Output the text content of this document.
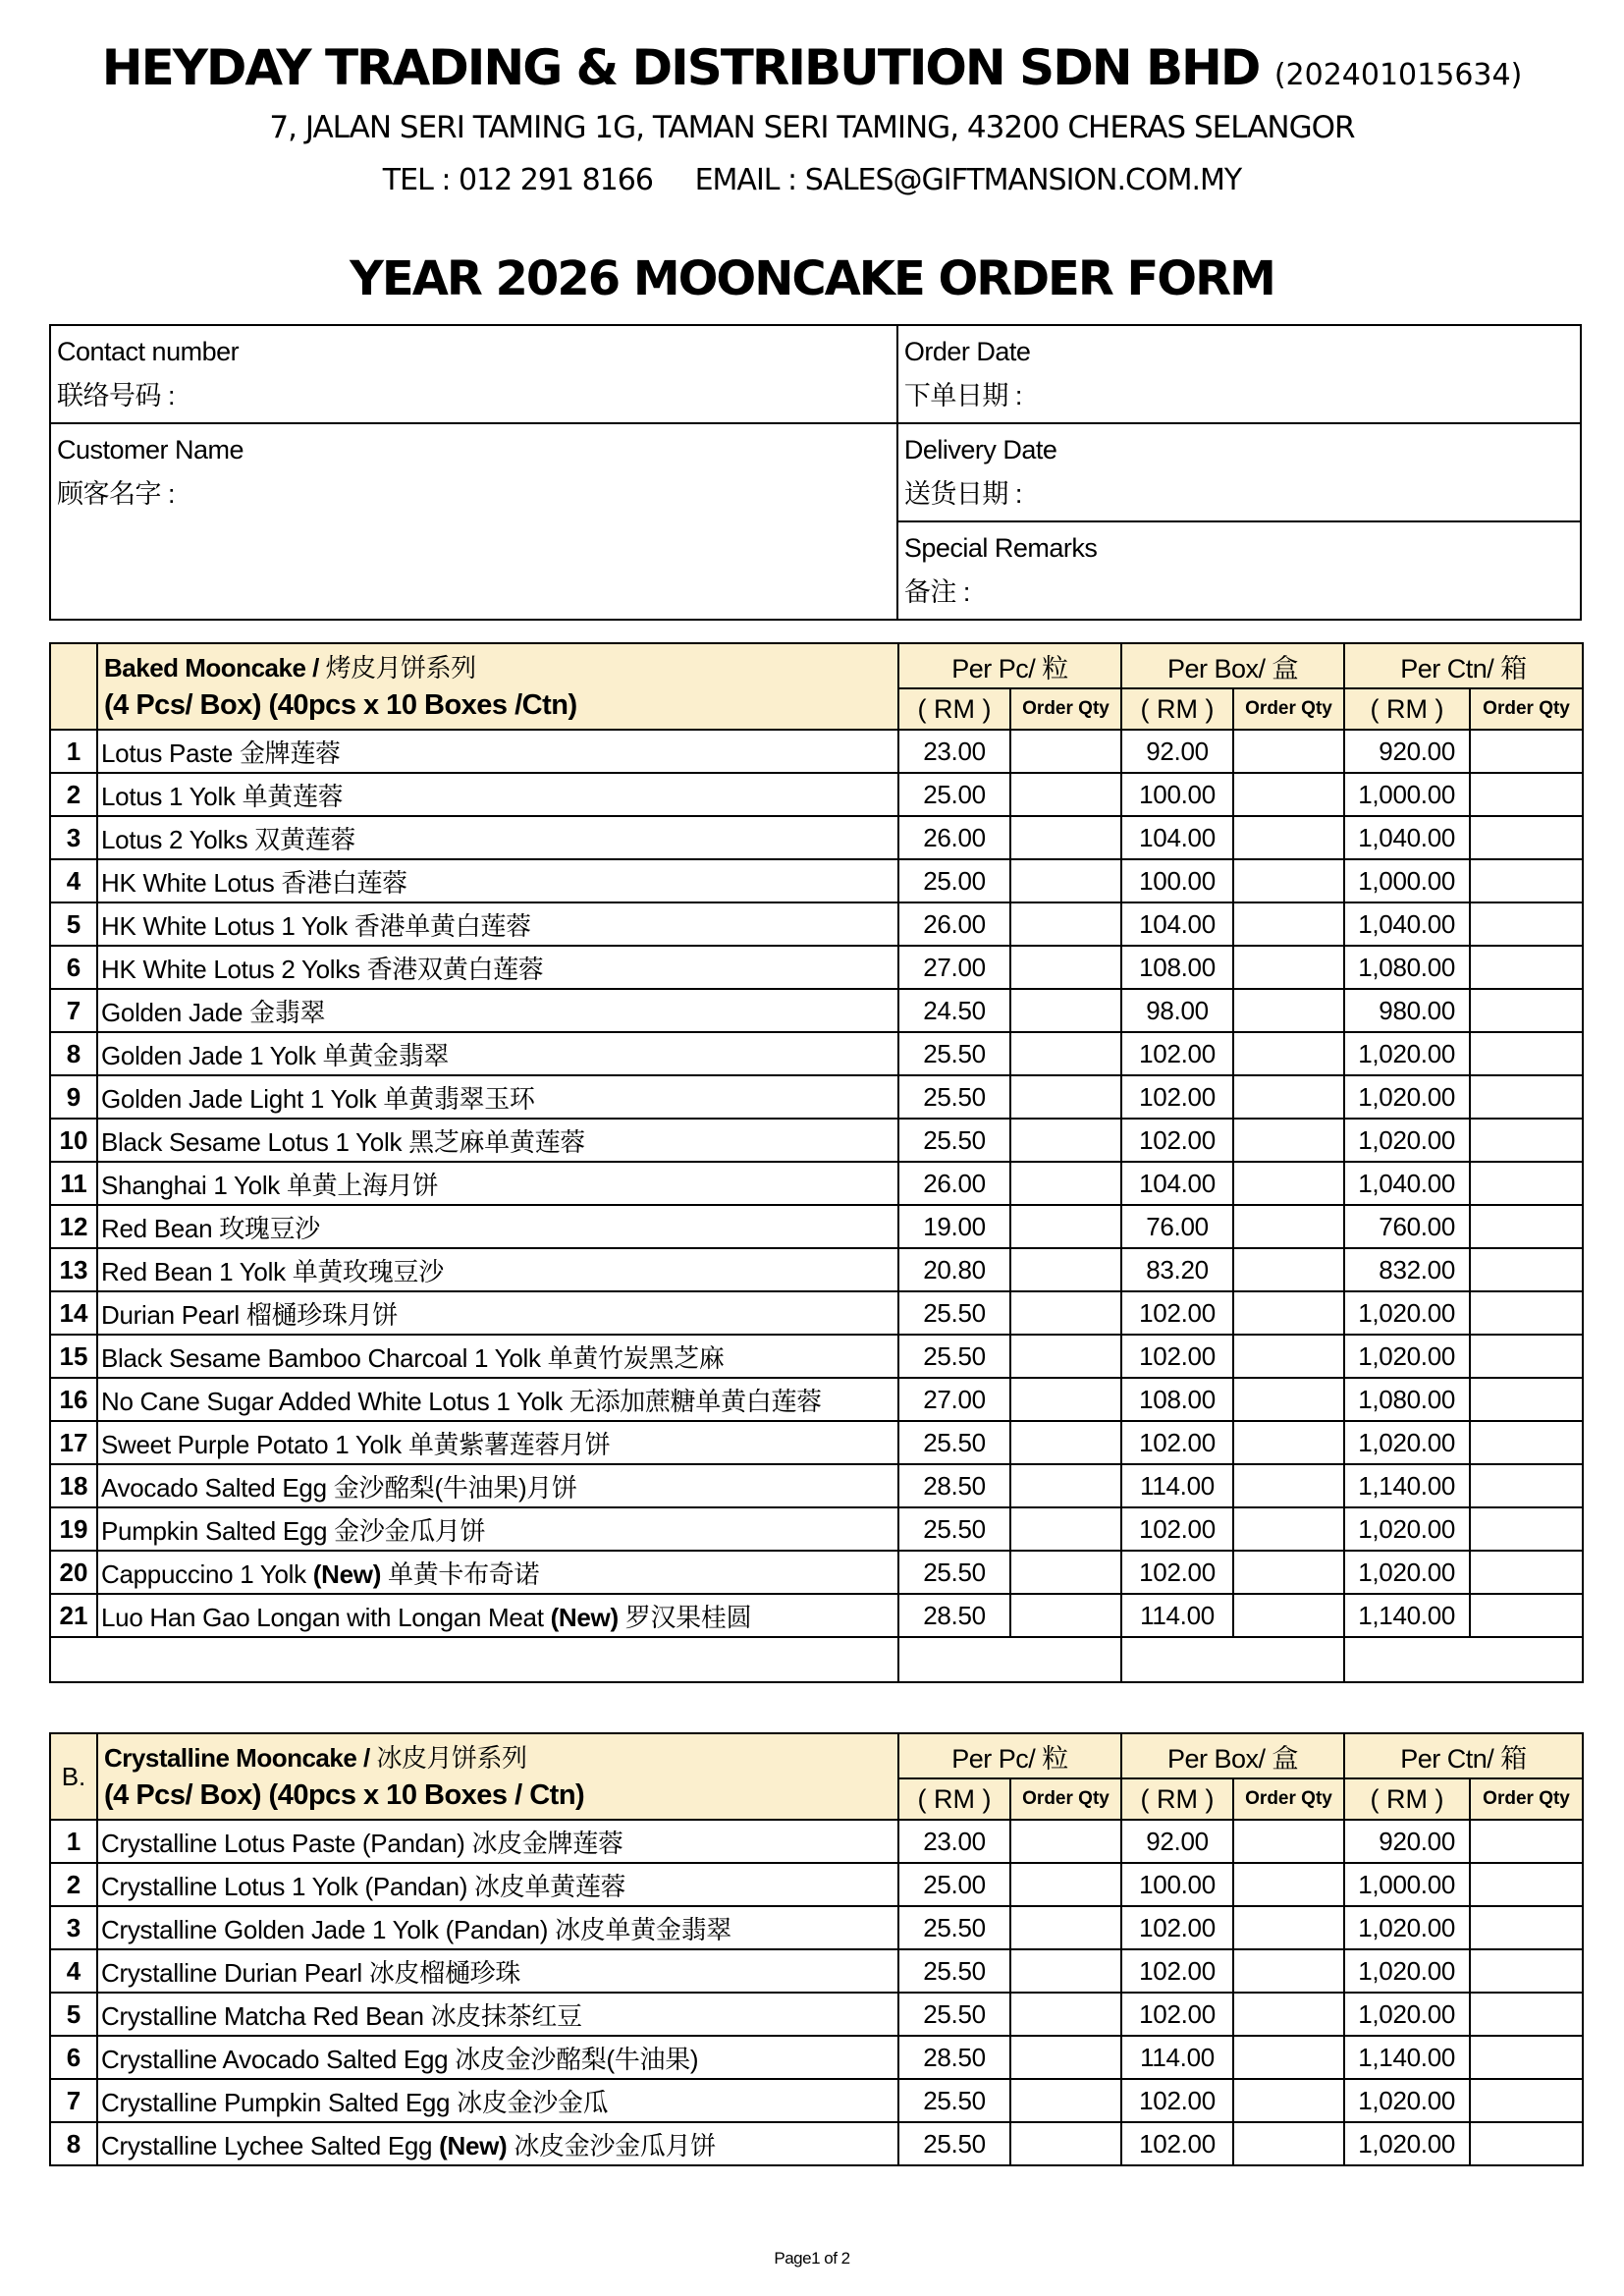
HEYDAY TRADING & DISTRIBUTION SDN BHD (202401015634)
7, JALAN SERI TAMING 1G, TAMAN SERI TAMING, 43200 CHERAS SELANGOR
TEL : 012 291 8166     EMAIL : SALES@GIFTMANSION.COM.MY
YEAR 2026 MOONCAKE ORDER FORM
Contact number
联络号码 :	Order Date
下单日期 :

Customer Name
顾客名字 :	Delivery Date
送货日期 :

	Special Remarks
备注 :

	Baked Mooncake / 烤皮月饼系列
(4 Pcs/ Box) (40pcs x 10 Boxes /Ctn)	Per Pc/ 粒		Per Box/ 盒		Per Ctn/ 箱	
		( RM )	Order Qty	( RM )	Order Qty	( RM )	Order Qty
1	Lotus Paste 金牌莲蓉	23.00		92.00		920.00	
2	Lotus 1 Yolk 单黄莲蓉	25.00		100.00		1,000.00	
3	Lotus 2 Yolks 双黄莲蓉	26.00		104.00		1,040.00	
4	HK White Lotus 香港白莲蓉	25.00		100.00		1,000.00	
5	HK White Lotus 1 Yolk 香港单黄白莲蓉	26.00		104.00		1,040.00	
6	HK White Lotus 2 Yolks 香港双黄白莲蓉	27.00		108.00		1,080.00	
7	Golden Jade 金翡翠	24.50		98.00		980.00	
8	Golden Jade 1 Yolk 单黄金翡翠	25.50		102.00		1,020.00	
9	Golden Jade Light 1 Yolk 单黄翡翠玉环	25.50		102.00		1,020.00	
10	Black Sesame Lotus 1 Yolk 黑芝麻单黄莲蓉	25.50		102.00		1,020.00	
11	Shanghai 1 Yolk 单黄上海月饼	26.00		104.00		1,040.00	
12	Red Bean 玫瑰豆沙	19.00		76.00		760.00	
13	Red Bean 1 Yolk 单黄玫瑰豆沙	20.80		83.20		832.00	
14	Durian Pearl 榴樋珍珠月饼	25.50		102.00		1,020.00	
15	Black Sesame Bamboo Charcoal 1 Yolk 单黄竹炭黑芝麻	25.50		102.00		1,020.00	
16	No Cane Sugar Added White Lotus 1 Yolk 无添加蔗糖单黄白莲蓉	27.00		108.00		1,080.00	
17	Sweet Purple Potato 1 Yolk 单黄紫薯莲蓉月饼	25.50		102.00		1,020.00	
18	Avocado Salted Egg 金沙酩梨(牛油果)月饼	28.50		114.00		1,140.00	
19	Pumpkin Salted Egg 金沙金瓜月饼	25.50		102.00		1,020.00	
20	Cappuccino 1 Yolk (New) 单黄卡布奇诺	25.50		102.00		1,020.00	
21	Luo Han Gao Longan with Longan Meat (New) 罗汉果桂圆	28.50		114.00		1,140.00	

B.	Crystalline Mooncake / 冰皮月饼系列
(4 Pcs/ Box) (40pcs x 10 Boxes / Ctn)	Per Pc/ 粒		Per Box/ 盒		Per Ctn/ 箱	
		( RM )	Order Qty	( RM )	Order Qty	( RM )	Order Qty
1	Crystalline Lotus Paste (Pandan) 冰皮金牌莲蓉	23.00		92.00		920.00	
2	Crystalline Lotus 1 Yolk (Pandan) 冰皮单黄莲蓉	25.00		100.00		1,000.00	
3	Crystalline Golden Jade 1 Yolk (Pandan) 冰皮单黄金翡翠	25.50		102.00		1,020.00	
4	Crystalline Durian Pearl 冰皮榴樋珍珠	25.50		102.00		1,020.00	
5	Crystalline Matcha Red Bean 冰皮抹茶红豆	25.50		102.00		1,020.00	
6	Crystalline Avocado Salted Egg 冰皮金沙酩梨(牛油果)	28.50		114.00		1,140.00	
7	Crystalline Pumpkin Salted Egg 冰皮金沙金瓜	25.50		102.00		1,020.00	
8	Crystalline Lychee Salted Egg (New) 冰皮金沙金瓜月饼	25.50		102.00		1,020.00	
Page1 of 2
